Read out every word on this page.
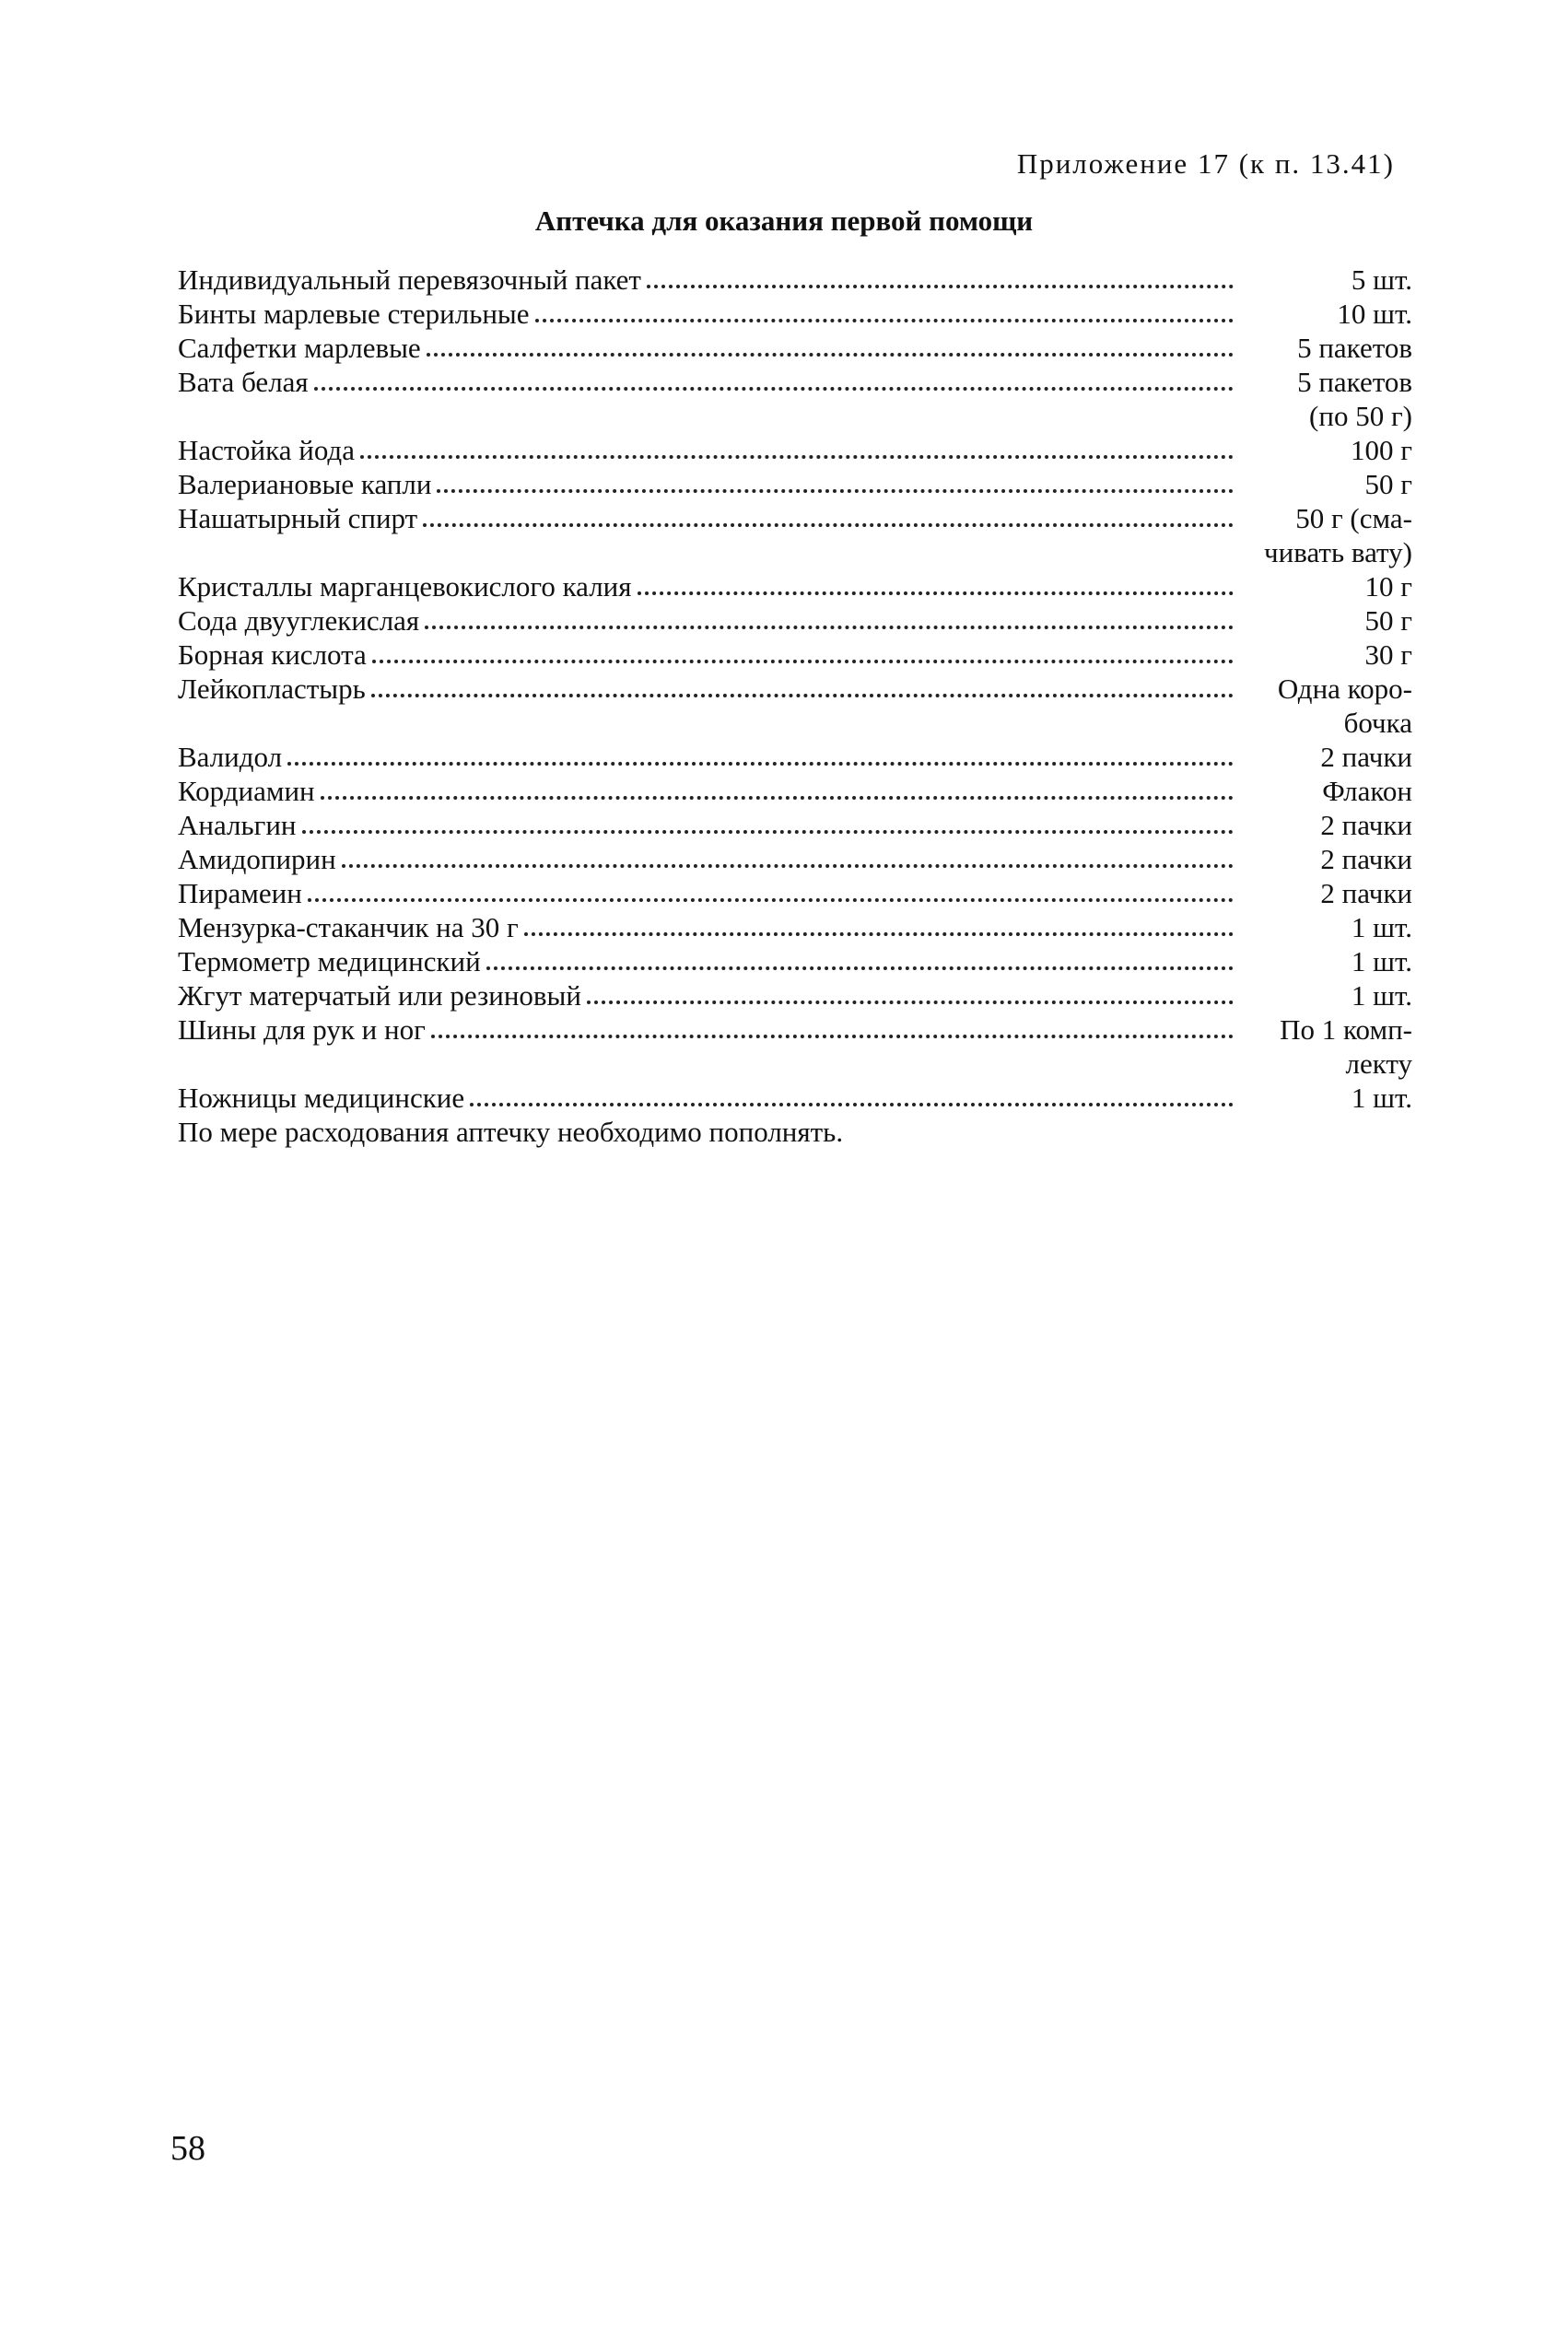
Приложение 17 (к п. 13.41)
Аптечка для оказания первой помощи
Индивидуальный перевязочный пакет	5 шт.
Бинты марлевые стерильные	10 шт.
Салфетки марлевые	5 пакетов
Вата белая	5 пакетов
(по 50 г)
Настойка йода	100 г
Валериановые капли	50 г
Нашатырный спирт	50 г (сма-
чивать вату)
Кристаллы марганцевокислого калия	10 г
Сода двууглекислая	50 г
Борная кислота	30 г
Лейкопластырь	Одна коро-
бочка
Валидол	2 пачки
Кордиамин	Флакон
Анальгин	2 пачки
Амидопирин	2 пачки
Пирамеин	2 пачки
Мензурка-стаканчик на 30 г	1 шт.
Термометр медицинский	1 шт.
Жгут матерчатый или резиновый	1 шт.
Шины для рук и ног	По 1 комп-
лекту
Ножницы медицинские	1 шт.
По мере расходования аптечку необходимо пополнять.
58
